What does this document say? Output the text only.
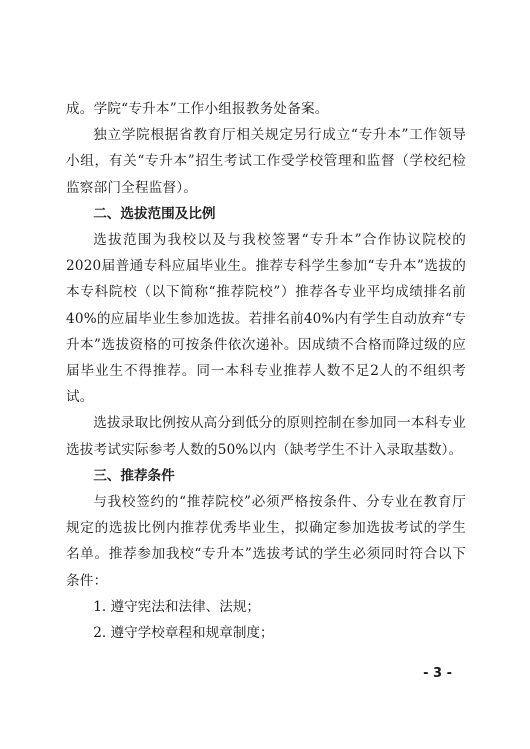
成。学院“专升本”工作小组报教务处备案。

独立学院根据省教育厅相关规定另行成立“专升本”工作领导小组，有关“专升本”招生考试工作受学校管理和监督（学校纪检监察部门全程监督）。

二、选拔范围及比例

选拔范围为我校以及与我校签署“专升本”合作协议院校的2020届普通专科应届毕业生。推荐专科学生参加“专升本”选拔的本专科院校（以下简称“推荐院校”）推荐各专业平均成绩排名前40%的应届毕业生参加选拔。若排名前40%内有学生自动放弃“专升本”选拔资格的可按条件依次递补。因成绩不合格而降过级的应届毕业生不得推荐。同一本科专业推荐人数不足2人的不组织考试。

选拔录取比例按从高分到低分的原则控制在参加同一本科专业选拔考试实际参考人数的50%以内（缺考学生不计入录取基数）。

三、推荐条件

与我校签约的“推荐院校”必须严格按条件、分专业在教育厅规定的选拔比例内推荐优秀毕业生，拟确定参加选拔考试的学生名单。推荐参加我校“专升本”选拔考试的学生必须同时符合以下条件：

1. 遵守宪法和法律、法规；

2. 遵守学校章程和规章制度；

- 3 -
